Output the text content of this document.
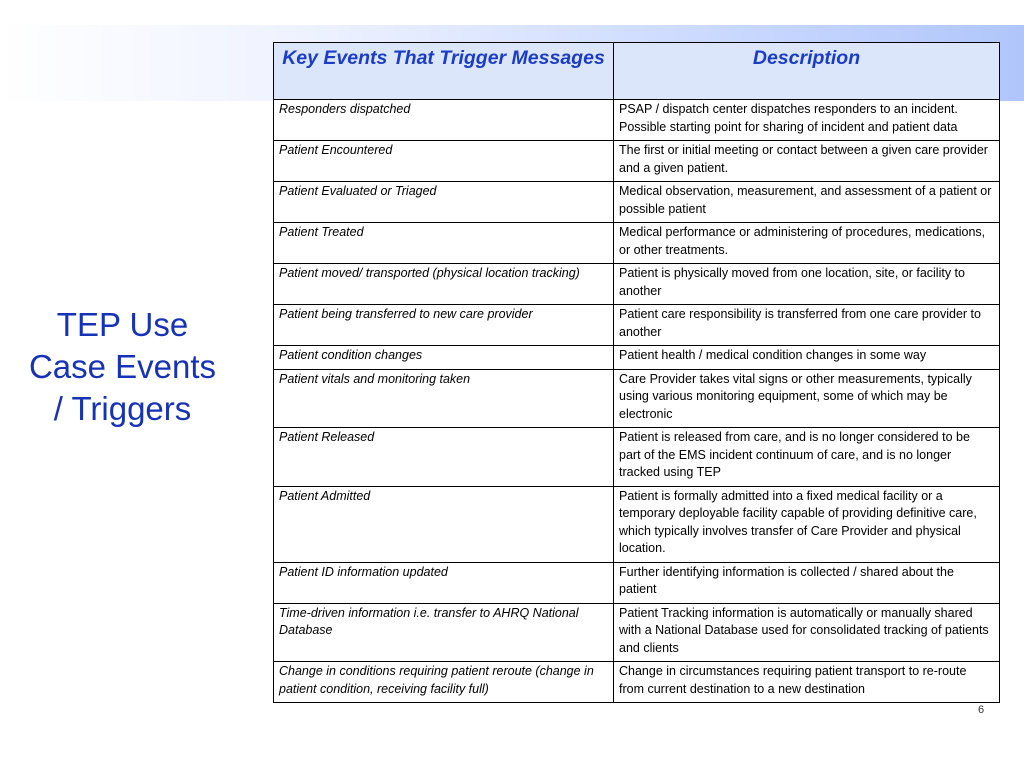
TEP Use
Case Events
/ Triggers
Key Events That Trigger Messages	Description
Responders dispatched	PSAP / dispatch center dispatches responders to an incident. Possible starting point for sharing of incident and patient data
Patient Encountered	The first or initial meeting or contact between a given care provider and a given patient.
Patient Evaluated or Triaged	Medical observation, measurement, and assessment of a patient or possible patient
Patient Treated	Medical performance or administering of procedures, medications, or other treatments.
Patient moved/ transported (physical location tracking)	Patient is physically moved from one location, site, or facility to another
Patient being transferred to new care provider	Patient care responsibility is transferred from one care provider to another
Patient condition changes	Patient health / medical condition changes in some way
Patient vitals and monitoring taken	Care Provider takes vital signs or other measurements, typically using various monitoring equipment, some of which may be electronic
Patient Released	Patient is released from care, and is no longer considered to be part of the EMS incident continuum of care, and is no longer tracked using TEP
Patient Admitted	Patient is formally admitted into a fixed medical facility or a temporary deployable facility capable of providing definitive care, which typically involves transfer of Care Provider and physical location.
Patient ID information updated	Further identifying information is collected / shared about the patient
Time-driven information i.e. transfer to AHRQ National Database	Patient Tracking information is automatically or manually shared with a National Database used for consolidated tracking of patients and clients
Change in conditions requiring patient reroute (change in patient condition, receiving facility full)	Change in circumstances requiring patient transport to re-route from current destination to a new destination
6
